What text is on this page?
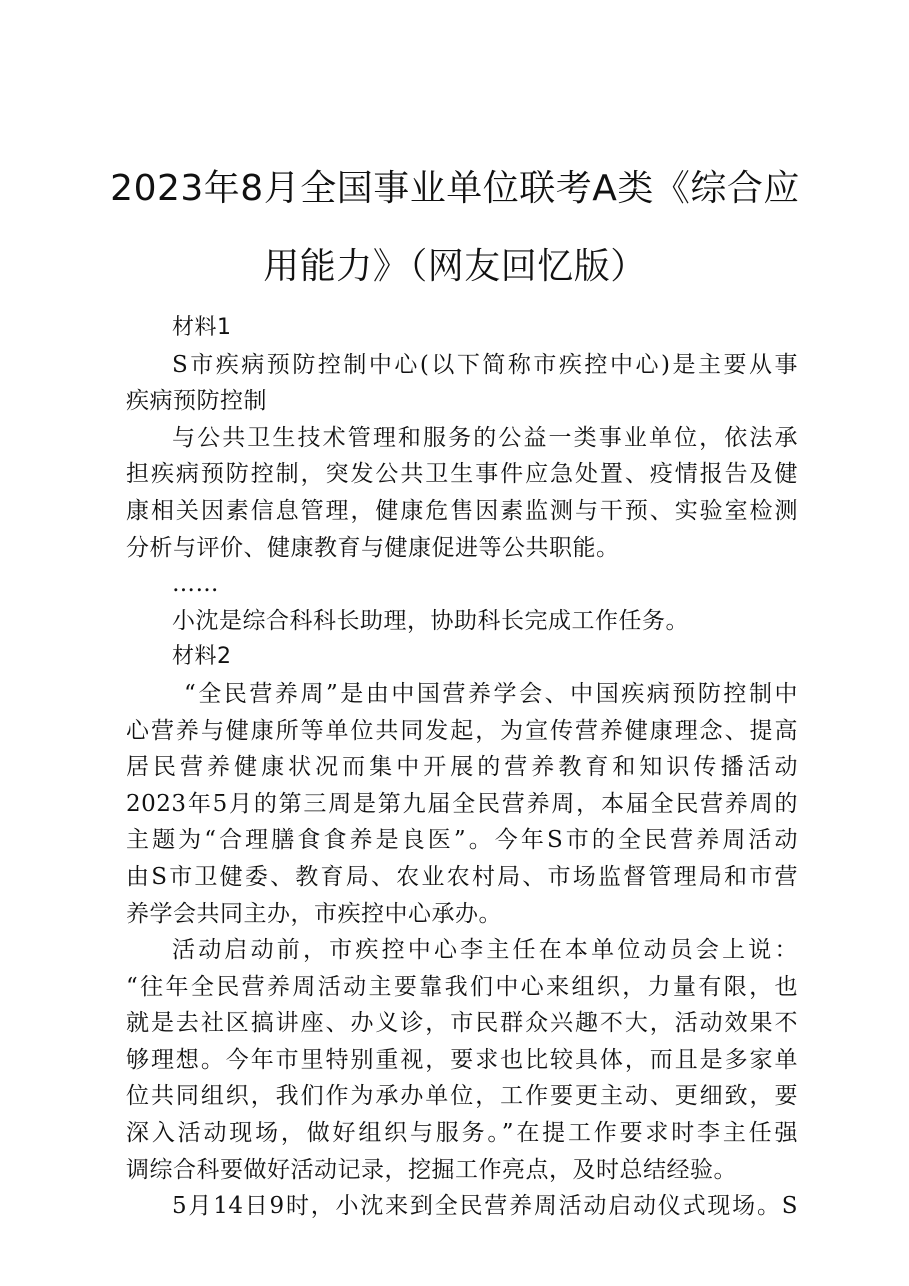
2023年8月全国事业单位联考A类《综合应
用能力》（网友回忆版）
材料1
S市疾病预防控制中心(以下简称市疾控中心)是主要从事
疾病预防控制
与公共卫生技术管理和服务的公益一类事业单位，依法承
担疾病预防控制，突发公共卫生事件应急处置、疫情报告及健
康相关因素信息管理，健康危售因素监测与干预、实验室检测
分析与评价、健康教育与健康促进等公共职能。
……
小沈是综合科科长助理，协助科长完成工作任务。
材料2
“全民营养周”是由中国营养学会、中国疾病预防控制中
心营养与健康所等单位共同发起，为宣传营养健康理念、提高
居民营养健康状况而集中开展的营养教育和知识传播活动
2023年5月的第三周是第九届全民营养周，本届全民营养周的
主题为“合理膳食食养是良医”。今年S市的全民营养周活动
由S市卫健委、教育局、农业农村局、市场监督管理局和市营
养学会共同主办，市疾控中心承办。
活动启动前，市疾控中心李主任在本单位动员会上说：
“往年全民营养周活动主要靠我们中心来组织，力量有限，也
就是去社区搞讲座、办义诊，市民群众兴趣不大，活动效果不
够理想。今年市里特别重视，要求也比较具体，而且是多家单
位共同组织，我们作为承办单位，工作要更主动、更细致，要
深入活动现场，做好组织与服务。”在提工作要求时李主任强
调综合科要做好活动记录，挖掘工作亮点，及时总结经验。
5月14日9时，小沈来到全民营养周活动启动仪式现场。S
